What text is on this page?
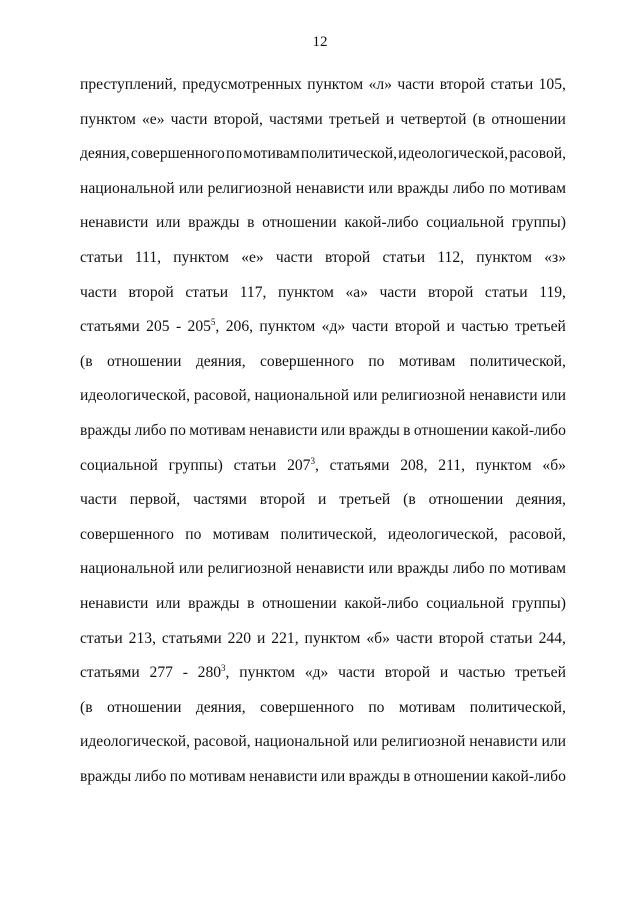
12
преступлений, предусмотренных пунктом «л» части второй статьи 105,
пунктом «е» части второй, частями третьей и четвертой (в отношении
деяния, совершенного по мотивам политической, идеологической, расовой,
национальной или религиозной ненависти или вражды либо по мотивам
ненависти или вражды в отношении какой-либо социальной группы)
статьи 111, пунктом «е» части второй статьи 112, пунктом «з»
части второй статьи 117, пунктом «а» части второй статьи 119,
статьями $205 - 205^5$, 206, пунктом «д» части второй и частью третьей
(в отношении деяния, совершенного по мотивам политической,
идеологической, расовой, национальной или религиозной ненависти или
вражды либо по мотивам ненависти или вражды в отношении какой-либо
социальной группы) статьи $207^3$, статьями 208, 211, пунктом «б»
части первой, частями второй и третьей (в отношении деяния,
совершенного по мотивам политической, идеологической, расовой,
национальной или религиозной ненависти или вражды либо по мотивам
ненависти или вражды в отношении какой-либо социальной группы)
статьи 213, статьями 220 и 221, пунктом «б» части второй статьи 244,
статьями $277 - 280^3$, пунктом «д» части второй и частью третьей
(в отношении деяния, совершенного по мотивам политической,
идеологической, расовой, национальной или религиозной ненависти или
вражды либо по мотивам ненависти или вражды в отношении какой-либо
